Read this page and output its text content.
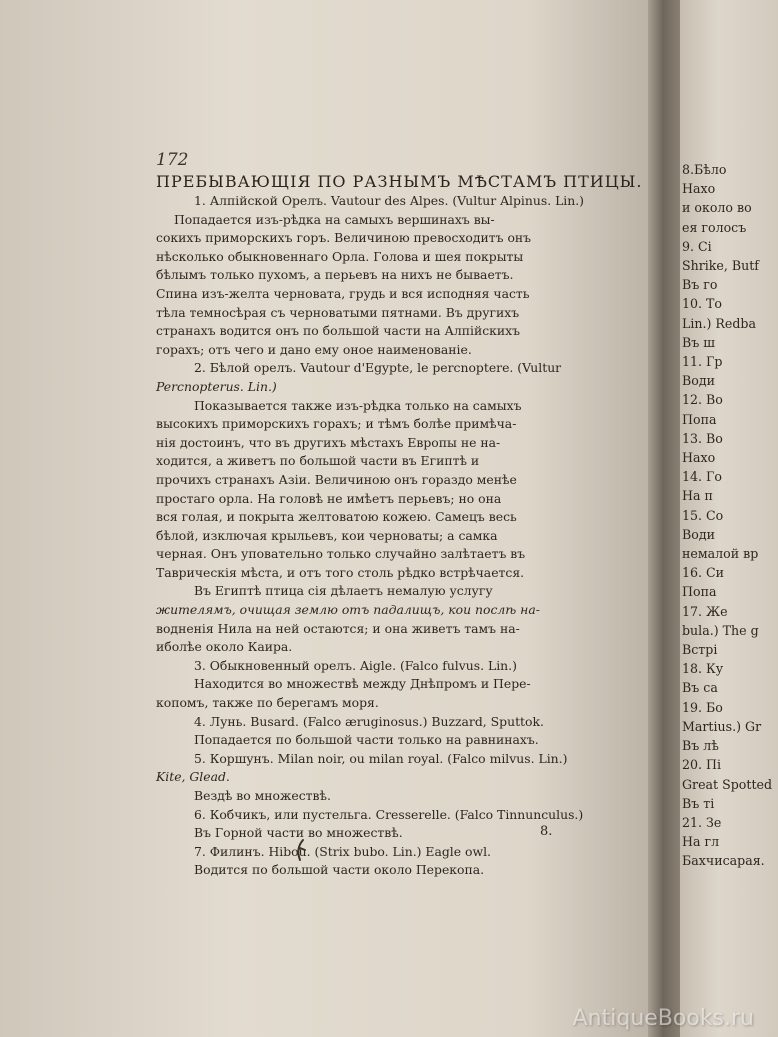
8.Бѣло
Нахо
и около во
ея голосъ
9. Сі
Shrike, Butf
Въ го
10. То
Lin.) Redba
Въ ш
11. Гр
Води
12. Во
Попа
13. Во
Нахо
14. Го
На п
15. Со
Води
немалой вр
16. Си
Попа
17. Же
bula.) The g
Встрі
18. Ку
Въ са
19. Бо
Martius.) Gr
Въ лѣ
20. Пі
Great Spotted
Въ ті
21. Зе
На гл
Бахчисарая.
172
ПРЕБЫВАЮЩІЯ ПО РАЗНЫМЪ МѢСТАМЪ ПТИЦЫ.
1. Алпійской Орелъ. Vautour des Alpes. (Vultur Alpinus. Lin.)
Попадается изъ-рѣдка на самыхъ вершинахъ вы-
сокихъ приморскихъ горъ. Величиною превосходитъ онъ
нѣсколько обыкновеннаго Орла. Голова и шея покрыты
бѣлымъ только пухомъ, а перьевъ на нихъ не бываетъ.
Спина изъ-желта черновата, грудь и вся исподняя часть
тѣла темносѣрая съ черноватыми пятнами. Въ другихъ
странахъ водится онъ по большой части на Алпійскихъ
горахъ; отъ чего и дано ему оное наименованіе.
2. Бѣлой орелъ. Vautour d'Egypte, le percnoptere. (Vultur
Percnopterus. Lin.)
Показывается также изъ-рѣдка только на самыхъ
высокихъ приморскихъ горахъ; и тѣмъ болѣе примѣча-
нія достоинъ, что въ другихъ мѣстахъ Европы не на-
ходится, а живетъ по большой части въ Египтѣ и
прочихъ странахъ Азіи. Величиною онъ гораздо менѣе
простаго орла. На головѣ не имѣетъ перьевъ; но она
вся голая, и покрыта желтоватою кожею. Самецъ весь
бѣлой, изключая крыльевъ, кои черноваты; а самка
черная. Онъ уповательно только случайно залѣтаетъ въ
Таврическія мѣста, и отъ того столь рѣдко встрѣчается.
Въ Египтѣ птица сія дѣлаетъ немалую услугу
жителямъ, очищая землю отъ падалищъ, кои послѣ на-
водненія Нила на ней остаются; и она живетъ тамъ на-
иболѣе около Каира.
3. Обыкновенный орелъ. Aigle. (Falco fulvus. Lin.)
Находится во множествѣ между Днѣпромъ и Пере-
копомъ, также по берегамъ моря.
4. Лунь. Busard. (Falco æruginosus.) Buzzard, Sputtok.
Попадается по большой части только на равнинахъ.
5. Коршунъ. Milan noir, ou milan royal. (Falco milvus. Lin.)
Kite, Glead.
Вездѣ во множествѣ.
6. Кобчикъ, или пустельга. Cresserelle. (Falco Tinnunculus.)
Въ Горной части во множествѣ.
7. Филинъ. Hibou. (Strix bubo. Lin.) Eagle owl.
Водится по большой части около Перекопа.
8.
AntiqueBooks.ru
